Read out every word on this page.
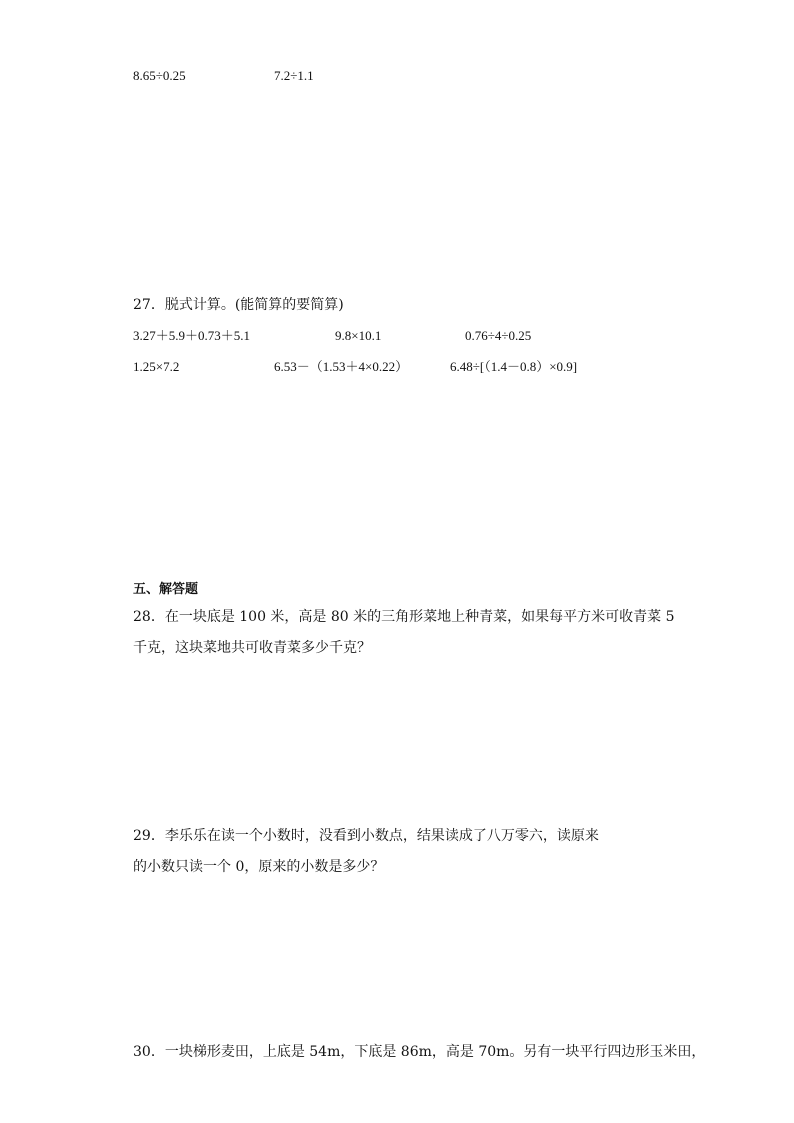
8.65÷0.25	7.2÷1.1
27．脱式计算。(能简算的要简算)
3.27＋5.9＋0.73＋5.1	9.8×10.1	0.76÷4÷0.25
1.25×7.2	6.53－（1.53＋4×0.22）	6.48÷[（1.4－0.8）×0.9]
五、解答题
28．在一块底是 100 米，高是 80 米的三角形菜地上种青菜，如果每平方米可收青菜 5
千克，这块菜地共可收青菜多少千克？
29．李乐乐在读一个小数时，没看到小数点，结果读成了八万零六，读原来
的小数只读一个 0，原来的小数是多少？
30．一块梯形麦田，上底是 54m，下底是 86m，高是 70m。另有一块平行四边形玉米田，
